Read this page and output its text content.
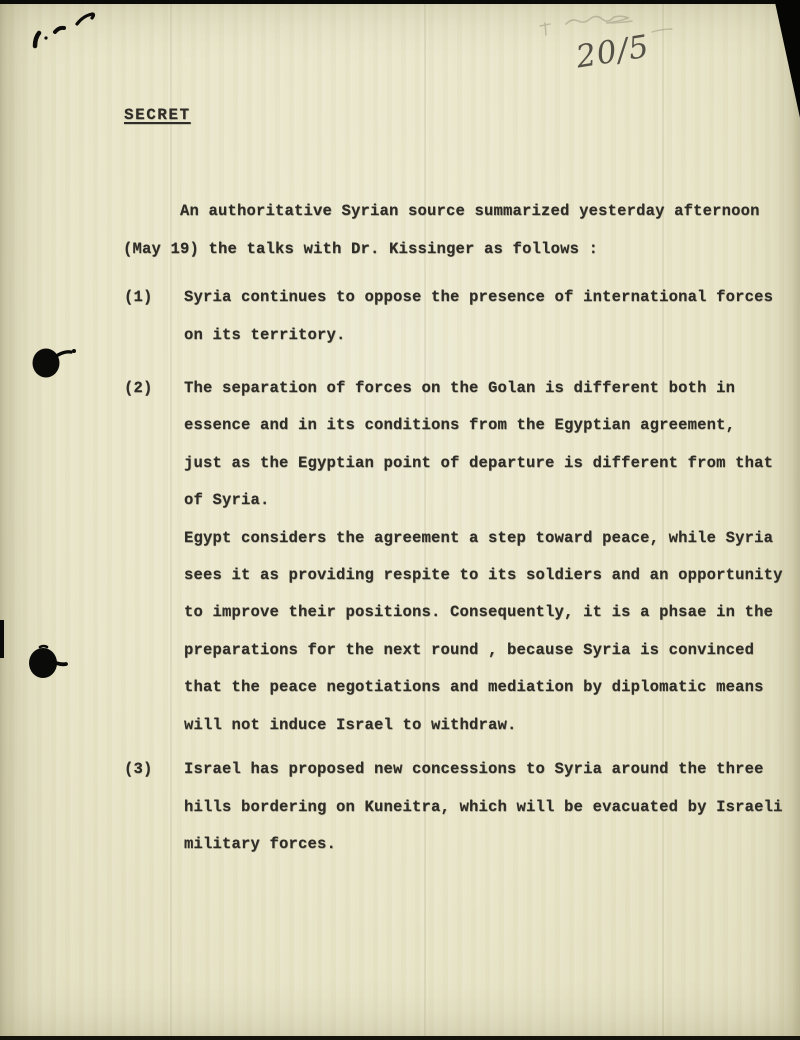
20/5
SECRET
An authoritative Syrian source summarized yesterday afternoon
(May 19) the talks with Dr. Kissinger as follows :
(1) Syria continues to oppose the presence of international forces
on its territory.
(2) The separation of forces on the Golan is different both in
essence and in its conditions from the Egyptian agreement,
just as the Egyptian point of departure is different from that
of Syria.
Egypt considers the agreement a step toward peace, while Syria
sees it as providing respite to its soldiers and an opportunity
to improve their positions. Consequently, it is a phsae in the
preparations for the next round , because Syria is convinced
that the peace negotiations and mediation by diplomatic means
will not induce Israel to withdraw.
(3) Israel has proposed new concessions to Syria around the three
hills bordering on Kuneitra, which will be evacuated by Israeli
military forces.
